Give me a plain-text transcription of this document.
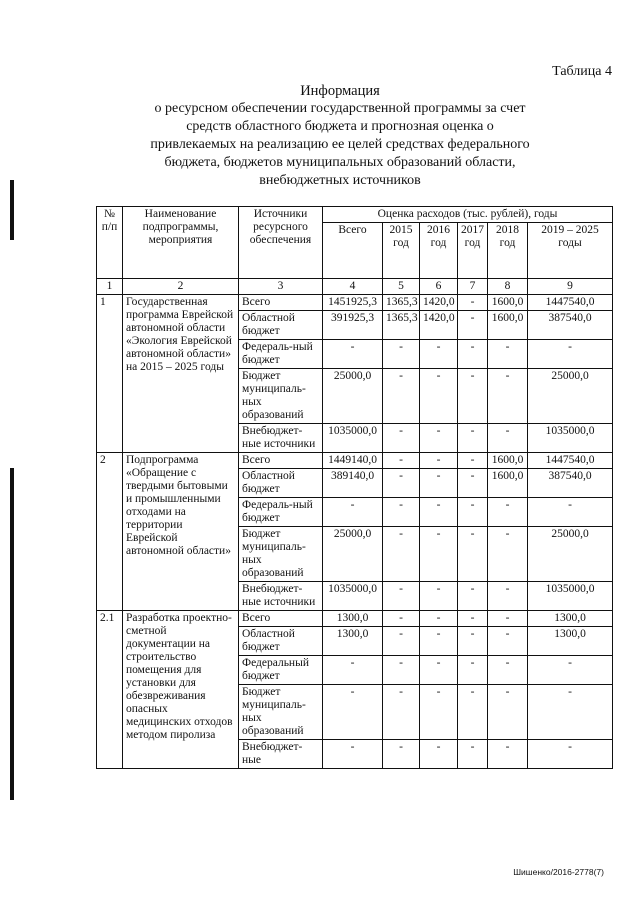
Таблица 4
Информация
о ресурсном обеспечении государственной программы за счет
средств областного бюджета и прогнозная оценка о
привлекаемых на реализацию ее целей средствах федерального
бюджета, бюджетов муниципальных образований области,
внебюджетных источников
№ п/п	Наименование подпрограммы, мероприятия	Источники ресурсного обеспечения	Оценка расходов (тыс. рублей), годы					
			Всего	2015 год	2016 год	2017 год	2018 год	2019 – 2025 годы
1	2	3	4	5	6	7	8	9
1	Государственная программа Еврейской автономной области «Экология Еврейской автономной области» на 2015 – 2025 годы	Всего	1451925,3	1365,3	1420,0	-	1600,0	1447540,0
		Областной бюджет	391925,3	1365,3	1420,0	-	1600,0	387540,0
		Федераль-ный бюджет	-	-	-	-	-	-
		Бюджет муниципаль-ных образований	25000,0	-	-	-	-	25000,0
		Внебюджет-ные источники	1035000,0	-	-	-	-	1035000,0
2	Подпрограмма «Обращение с твердыми бытовыми и промышленными отходами на территории Еврейской автономной области»	Всего	1449140,0	-	-	-	1600,0	1447540,0
		Областной бюджет	389140,0	-	-	-	1600,0	387540,0
		Федераль-ный бюджет	-	-	-	-	-	-
		Бюджет муниципаль-ных образований	25000,0	-	-	-	-	25000,0
		Внебюджет-ные источники	1035000,0	-	-	-	-	1035000,0
2.1	Разработка проектно-сметной документации на строительство помещения для установки для обезвреживания опасных медицинских отходов методом пиролиза	Всего	1300,0	-	-	-	-	1300,0
		Областной бюджет	1300,0	-	-	-	-	1300,0
		Федеральный бюджет	-	-	-	-	-	-
		Бюджет муниципаль-ных образований	-	-	-	-	-	-
		Внебюджет-ные	-	-	-	-	-	-
Шишенко/2016-2778(7)
